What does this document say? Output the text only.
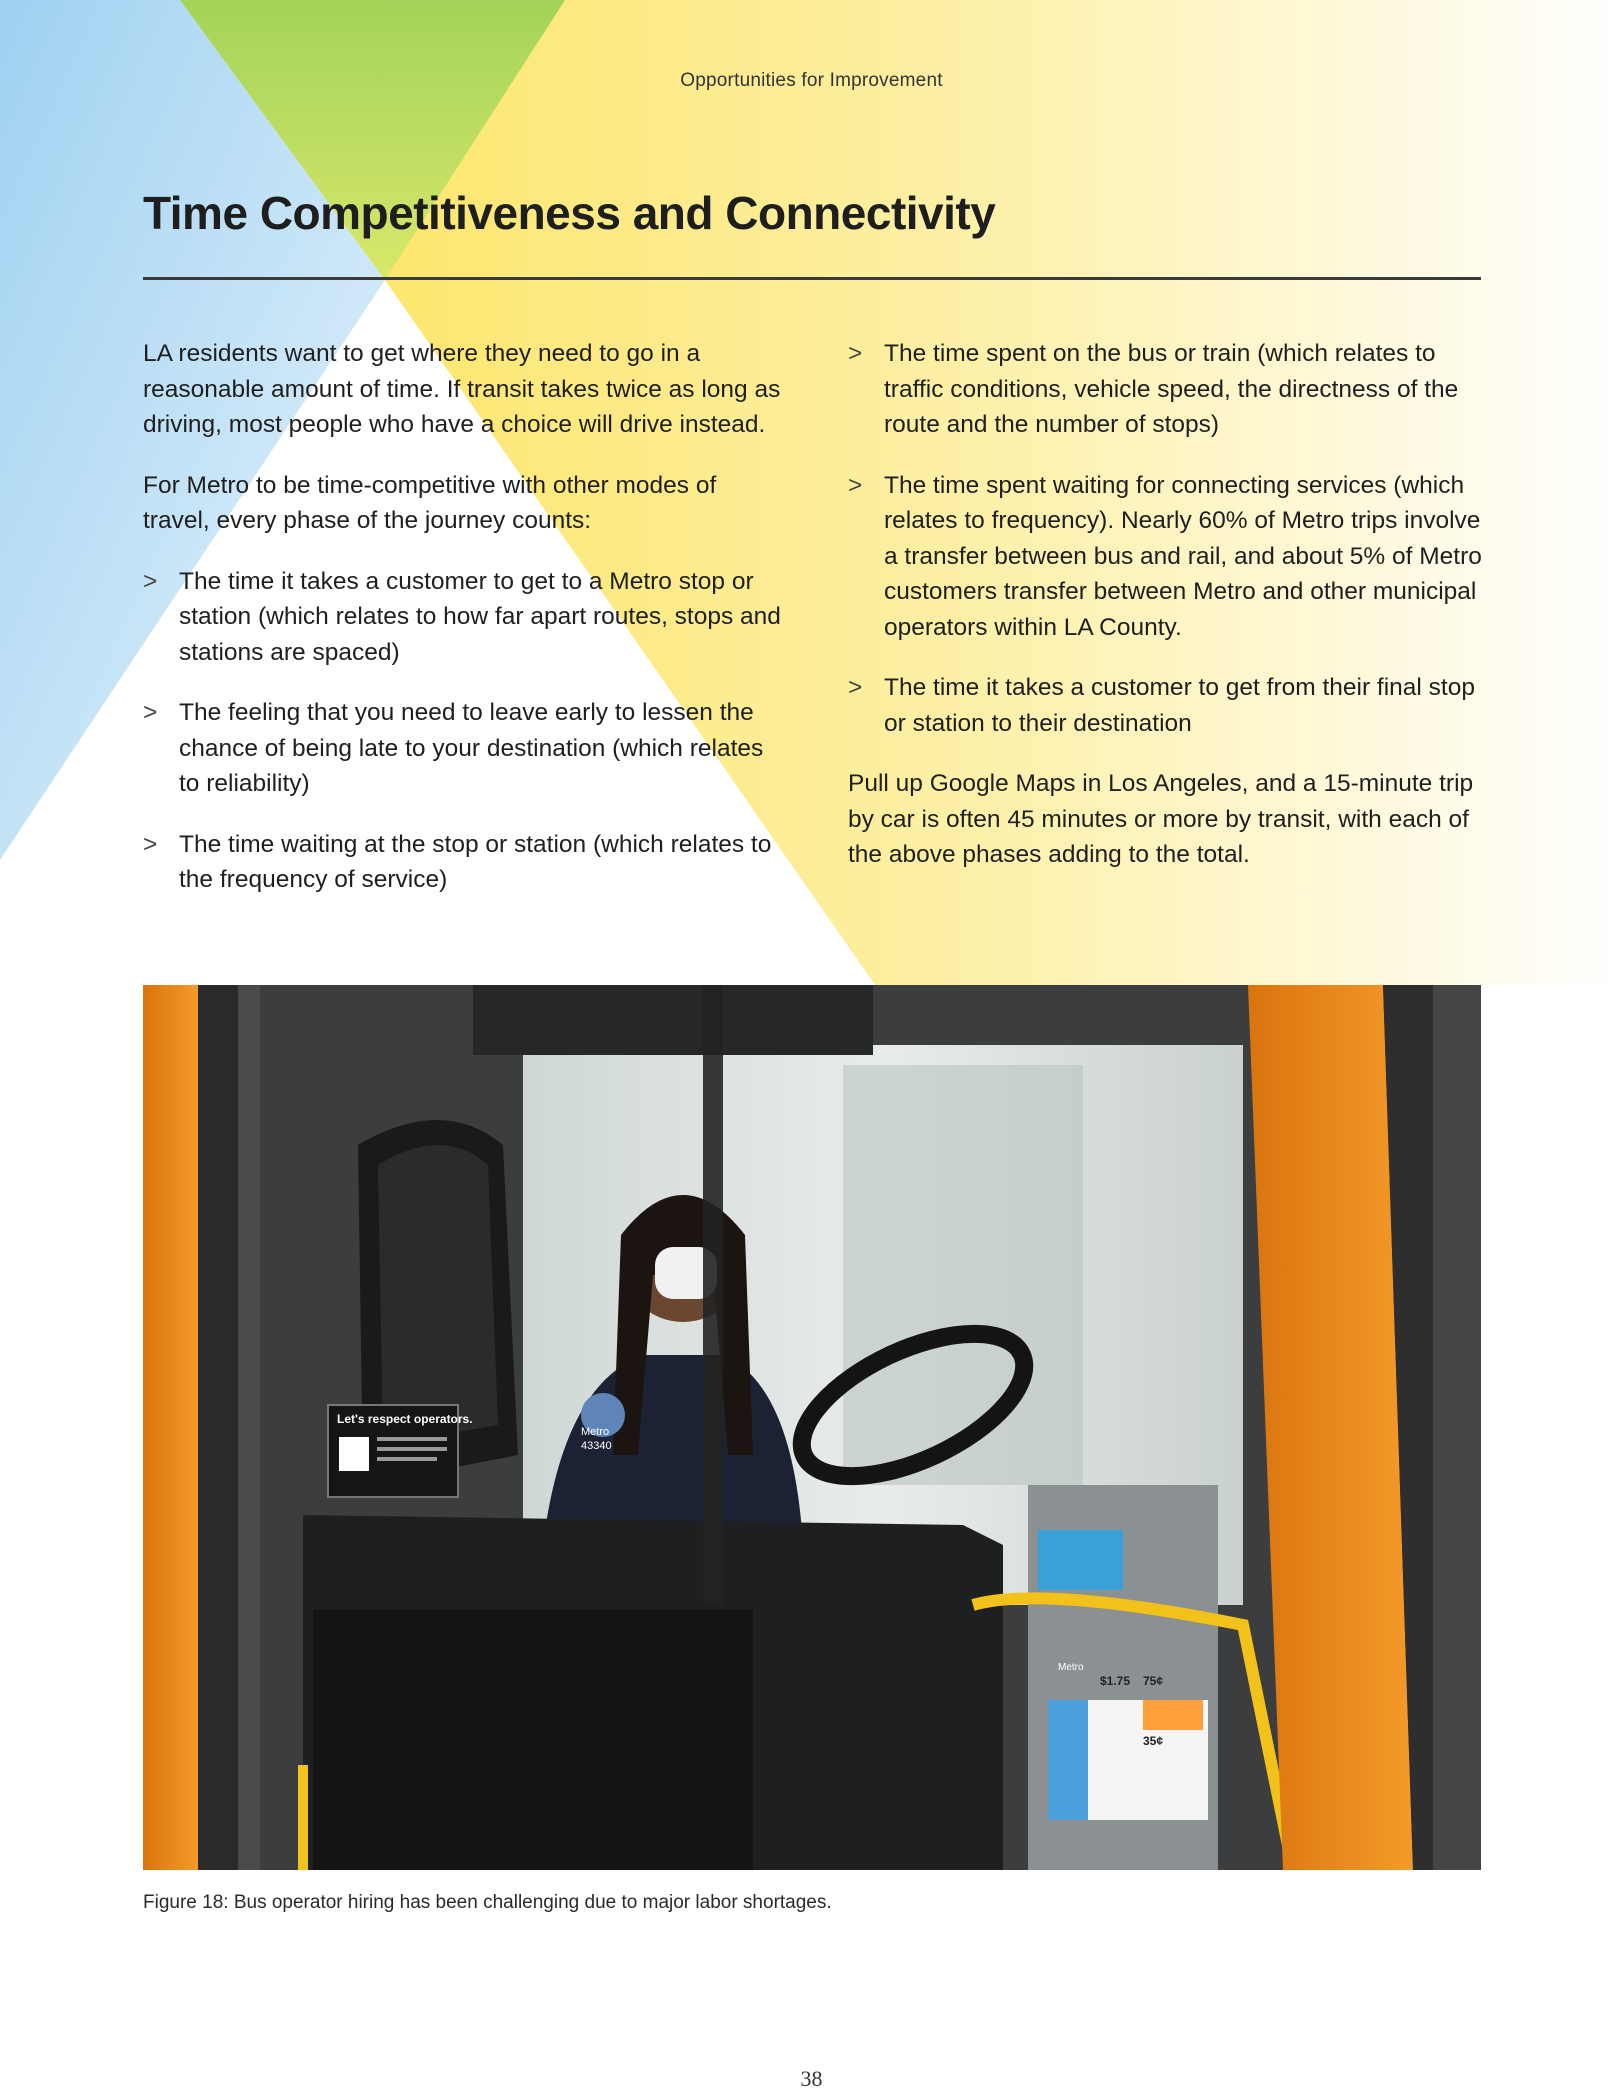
Opportunities for Improvement
Time Competitiveness and Connectivity

LA residents want to get where they need to go in a reasonable amount of time. If transit takes twice as long as driving, most people who have a choice will drive instead.

For Metro to be time-competitive with other modes of travel, every phase of the journey counts:

> The time it takes a customer to get to a Metro stop or station (which relates to how far apart routes, stops and stations are spaced)
> The feeling that you need to leave early to lessen the chance of being late to your destination (which relates to reliability)
> The time waiting at the stop or station (which relates to the frequency of service)
> The time spent on the bus or train (which relates to traffic conditions, vehicle speed, the directness of the route and the number of stops)
> The time spent waiting for connecting services (which relates to frequency). Nearly 60% of Metro trips involve a transfer between bus and rail, and about 5% of Metro customers transfer between Metro and other municipal operators within LA County.
> The time it takes a customer to get from their final stop or station to their destination

Pull up Google Maps in Los Angeles, and a 15-minute trip by car is often 45 minutes or more by transit, with each of the above phases adding to the total.

Let's respect operators.
Metro
43340
Metro
$1.75 75¢
35¢
Figure 18: Bus operator hiring has been challenging due to major labor shortages.
38
